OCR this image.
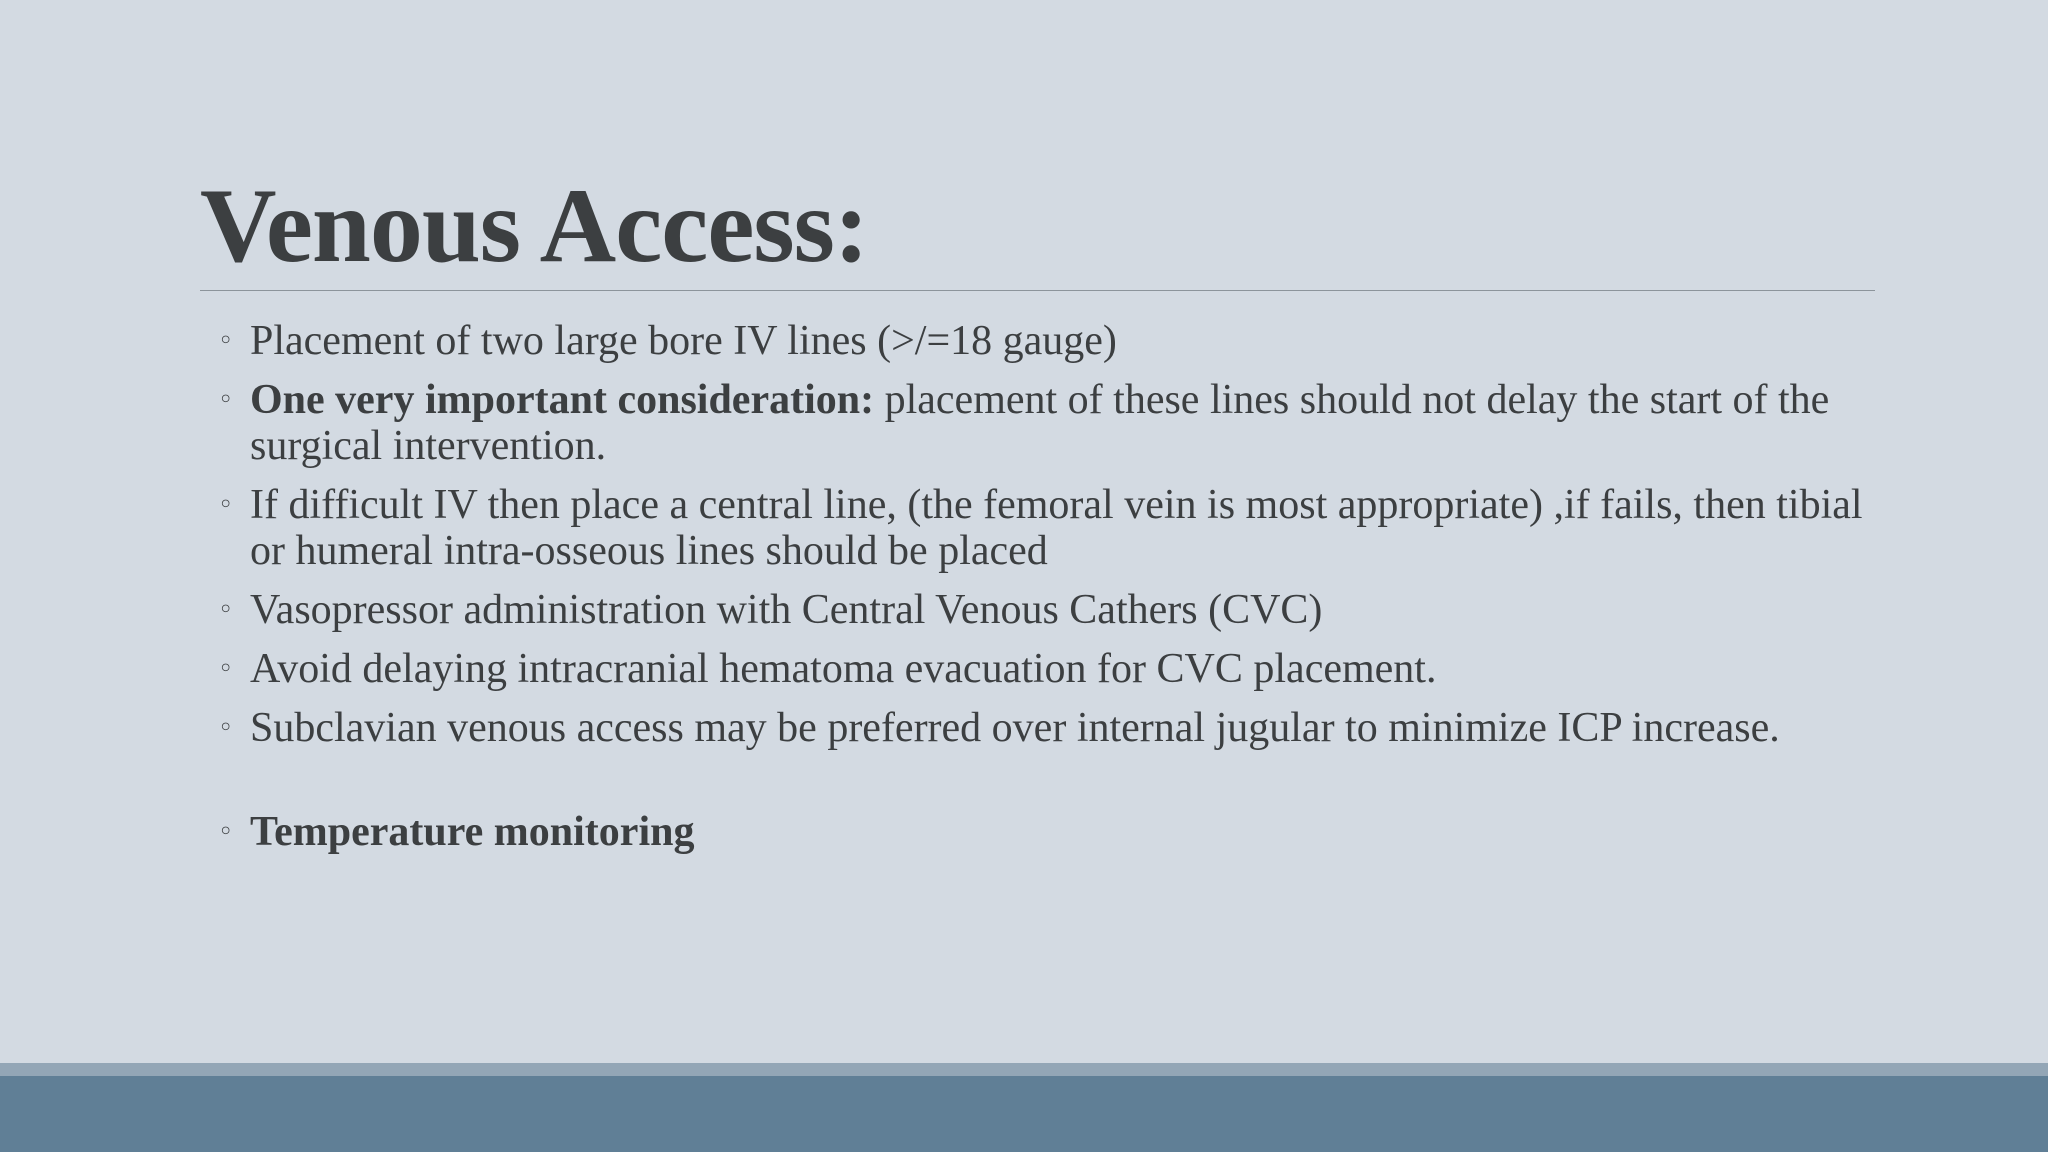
Venous Access:
◦ Placement of two large bore IV lines (>/=18 gauge)
◦ One very important consideration: placement of these lines should not delay the start of the surgical intervention.
◦ If difficult IV then place a central line, (the femoral vein is most appropriate) ,if fails, then tibial or humeral intra-osseous lines should be placed
◦ Vasopressor administration with Central Venous Cathers (CVC)
◦ Avoid delaying intracranial hematoma evacuation for CVC placement.
◦ Subclavian venous access may be preferred over internal jugular to minimize ICP increase.
◦ Temperature monitoring
